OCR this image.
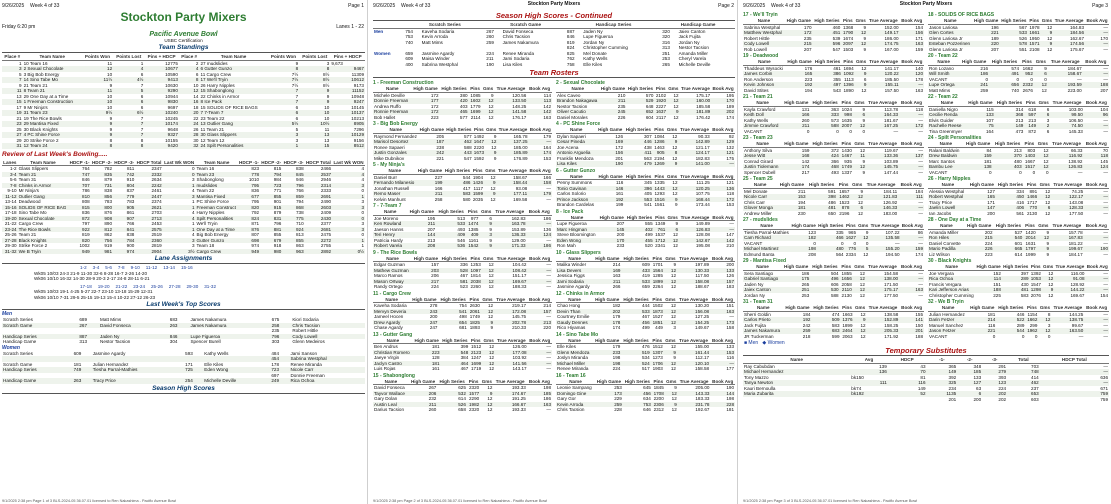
9/26/2025 Week 4 of 33	Page 1
Stockton Party Mixers
Friday 6:20 pm	Lanes 1 - 22
Pacific Avenue Bowl
USBC Certification
Team Standings
Place #	Team Name	Points Won	Points Lost	Pins + HDCP	Place #	Team Name	Points Won	Points Lost	Pins + HDCP
1	10 Team 16	11	1	12775	2	27 mudslides	9	3	9,673
3	2 Sexual Chocolate	12	4	10677	4	6 Gutter Gunzo	8	8	9467
5	3 Big Bob Energy	10	6	10590	6	11 Cargo Crew	7½	8½	11309
7	14 Sino Tabe Mo	11½	4½	9413	8	17 We'll Tryin	7½	8½	10612
9	21 Team 21	9	7	10630	10	26 Harry Nipples	7½	8½	9173
11	8 Team 21	11	5	9290	12	15 Shabonglong	7	9	11152
13	29 One Day at a Time	10	6	10944	14	22 Chinks in Armor	7	9	10948
15	1 Freeman Construction	10	6	9830	16	8 Ice Pack	7	9	9247
17	9 Mr Ninja's	10	6	9697	18	15 SOLIDS OF RICE BAGS	6	10	10145
19	31 Team 23	9½	6½	10240	20	7 7-Team 7	6	10	10137
21	19 The Rice Bowls	9	7	10245	22	23 Team 22	6	10	10213
23	29 Mantisa Fixed	9	7	10174	24	13 Outlier Gang	5½	10½	8905
25	30 Black Knights	9	7	9648	26	11 Team 21	5	11	7296
27	4 PC Shine Force	9	7	9327	28	30 Glass Slippers	3	13	10129
29	20 Strike Force 2	8	8	10155	30	12 Team 12	3	13	9156
31	12 Team 24	8	8	9420	32	24 Spilt Personalities	1	15	8512
Review of Last Week's Bowling.....
Lanes	Team Name	HDCP -1-	HDCP -2-	HDCP -3-	HDCP Total	Last Wk WON	Team Name	HDCP -1-	HDCP -2-	HDCP -3-	HDCP Total	Last Wk WON
1-2	Glass Slippers	764	782	811	2347	0	Team 16	823	815	838	2466	4
3-4	Team 21	747	835	742	2332	0	Team 23	778	794	845	2537	4
5-6	Team 31	846	879	910	2634	3	Shabonglong	1010	984	946	2946	4
7-8	Chinks in Armor	707	731	804	2242	1	mudslides	795	723	796	2314	3
9-10	Mr Ninja's	786	838	837	2461	4	Team 22	836	771	766	2333	0
11-12	Outlier Gang	810	856	779	2447	3	Mantisa Fixed	677	855	859	2691	1
13-14	Deadwood	808	783	783	2374	1	PC Shine Force	795	901	794	2490	3
15-16	SOLIDS OF RICE BAG	815	800	905	2621	1	Freeman Construct	820	915	868	2603	3
17-18	Sino Tabe Mo	836	876	861	2703	4	Harry Nipples	792	879	738	2409	0
19-20	Sexual Chocolate	872	908	907	2713	4	Spilt Personalities	824	831	775	2430	0
21-22	Cargo Crew	797	890	766	2453	1	We'll Tryin	871	796	710	2377	3
23-24	The Rice Bowls	922	812	841	2575	1	One Day at a Time	876	881	924	2681	3
25-26	Team 21	819	862	838	2519	4	Big Bob Energy	807	855	813	2475	0
27-28	Black Knights	820	756	784	2360	3	Gutter Gunzo	698	679	855	2272	1
29-30	Strike Force 2	1002	919	900	2819	3	Team 18	974	918	863	2755	1
31-32	We B Tryin	949	981	974	2904	3½	Cargo Crew	949	980	963	2892	0½
Lane Assignments
1-2 3-4 5-6 7-8 9-10 11-12 13-14 15-16
Wk05 10/03 24-3 21-9 11-30 32-6 8-28 16-7 2-26 14-20
Wk06 10/10 16-32 14-30 28-9 20-3 2-17 24-8 28-11 6-21
17-18 19-20 21-22 23-24 25-26 27-28 29-30 31-32
Wk05 10/03 19-1 4-25 5-27 22-7 23-10 13-18 15-29 12-31
Wk06 10/10 7-31 29-5 25-15 19-13 15-4 10-22 27-12 26-23
Last Week's Top Scores
Men
Scratch Series	689	Matt Mims	683	James Nakamura	675	Kiori Sodaria
Scratch Game	267	David Fonseca	263	James Nakamura	258	Chris Tacsion
					235	Robert Hittle
Handicap Series	887	Jaden Ny	846	Lupe Figueroa	796	Cody Lowell
Handicap Game	313	Nestor Tacsion	304	Spencer Burell	303	Glenn Medeiros
Women
Scratch Series	609	Jasmine Agardy	593	Kathy Wells	484	Jami Sanson
					454	Sabrina Westphal
Scratch Game	181	Julian Hernandez	171	Elle Kiles	178	Renee Miranda
Handicap Series	749	Tiesha Parral-Mathies	725	Eden Wong	723	Nicole Carr
					697	Donnie Freeman
Handicap Game	263	Tracy Price	254	Michelle Deville	249	Rica Ochoa
Season High Scores
9/1/2025 2:38 pm Page 1 of 3 BLS-2024-05 36.07.01 licensed to Ren Nakashima - Pacific Avenue Bowl
9/26/2025 Week 4 of 33	Stockton Party Mixers	Page 2
Season High Scores - Continued
	Scratch Series		Scratch Game		Handicap Series		Handicap Game	
Men	754	Kaveha Sodaria	267	David Fonseca	887	Jaden Ny	320	Jaiex Canton
	753	Kevin Arroda	260	Chris Tacsion	846	Lupe Figueroa	320	Jack Fujita
	740	Matt Mims	259	James Nakamura	819	Jordan Ny	316	Jordan Ny
					824	Christopher Cumming	313	Nestor Tacsion
Women	659	Jasmine Agardy	224	Renee Miranda	825	Mel Donate	251	Amanda Miller
	609	Maisa Winder	211	Jami Sodaria	762	Kathy Wells	253	Cheryl Varela
	400	Sabrina Westphal	190	Lisa Kiles	758	Elle Kiles	265	Michelle Deville
Team Rosters
1 - Freeman Construction
Name	High Game	High Series	Pins	Gms	True Average	Book Avg
Michele Deville	172	380	1085	9	120.56	114
Donnie Freeman	177	420	1602	12	133.50	113
Andrea Ruffo	172	403	1779	12	148.25	142
Ronnie Freeman	172	465	1699	12	141.58	142
Bob Hallet	223	577	2114	12	176.17	163
3 - Big Bob Energy
Name	High Game	High Series	Pins	Gms	True Average	Book Avg
Raymond Fernandez	205	577	1492	9	165.78	179
Marisol Desortez	187	462	1647	12	137.25	—
Ronee Sapaeri	238	588	2220	12	185.00	164
Justin Gonzales	242	443	1673	9	185.89	174
Mike Dubnikov	221	547	1592	9	176.89	153
5 - My Ninja's
Name	High Game	High Series	Pins	Gms	True Average	Book Avg
Daniel Burr	227	544	1904	12	158.67	166
Fernando Milanesio	199	486	1426	9	158.44	158
Jonathan Russell	166	417	1117	12	93.08	—
Remo Maser	211	583	1599	9	177.11	179
Kelvin Manhunt	258	580	2035	12	169.58	—
7 - 7-Team 7
Name	High Game	High Series	Pins	Gms	True Average	Book Avg
Joe Moreno	195	513	977	6	162.83	186
Ken Rowland	211	533	1474	9	163.78	—
Jaeson Hanns	207	493	1385	9	153.89	136
Teri Henry	144	409	409	3	136.33	124
Patricia Hardy	213	546	1161	9	129.00	—
Robert Varela	208	536	1542	9	171.33	186
9 - The Rice Bowls
Name	High Game	High Series	Pins	Gms	True Average	Book Avg
Edgar Guzman	157	336	1253	12	104.42	—
Mathew Guzman	203	528	1097	12	108.42	—
Marco Ramos	206	467	1814	12	151.17	—
Mason Ortway	217	581	2038	12	169.67	—
Randy Ortego	224	523	2260	12	188.33	—
11 - Cargo Crew
Name	High Game	High Series	Pins	Gms	True Average	Book Avg
Kaveha Sodaria	278	754	2630	12	219.17	214
Mervyn Deveria	243	541	2061	12	172.08	157
Jameel Hocen	200	498	1749	12	145.75	—
Drew Agardy	247	654	1825	9	202.78	213
Chase Agardy	247	681	1893	9	210.33	220
13 - Gutter Gang
Name	High Game	High Series	Pins	Gms	True Average	Book Avg
Ben Andrus	181	399	1512	12	126.00	—
Christian Romero	223	548	2123	12	177.08	—
Jaeye Virgin	128	384	1247	12	103.92	—
Jaclyn Castro	181	464	1699	12	141.56	—
Luis Rojas	161	467	1719	12	143.17	—
15 - Shabonglong
Name	High Game	High Series	Pins	Gms	True Average	Book Avg
David Fonseca	267	625	2320	12	193.33	198
Tayvor Wallace	206	532	1577	9	174.67	185
Gary Dolan	232	614	2290	12	191.25	186
Austin Leal	211	526	1982	12	166.67	163
Darius Tacsion	260	658	2320	12	193.33	—
2 - Sexual Chocolate
Name	High Game	High Series	Pins	Gms	True Average	Book Avg
Alex Caveo	210	570	2102	12	175.17	195
Brandon Nakagawa	211	529	1920	12	160.00	170
Nestor Tacsion	235	648	2227	12	185.58	189
Oliver Cacutio	245	652	1637	9	181.89	202
Daniel Morales	226	604	2117	12	176.42	174
4 - PC Shine Force
Name	High Game	High Series	Pins	Gms	True Average	Book Avg
Dylan Sapaeri	126	307	1084	12	90.33	92
Cesar Pineda	169	446	1286	9	142.89	129
Joe Acena	172	438	1463	12	121.17	132
Antonio Arguelia	156	411	905	8	124.17	121
Franklin Mendoza	201	563	2194	12	182.83	175
Lisa Kiles	190	479	1269	9	141.00	—
6 - Gutter Gunzo
Name	High Game	High Series	Pins	Gms	True Average	Book Avg
Penny Summons	116	345	1335	12	111.25	121
Tonio Gavinan	146	396	1443	12	120.25	136
Carlos Solorio	161	405	1293	12	107.75	118
Prince Jackson	192	553	1516	9	168.44	172
Brandon Cardelas	199	541	1561	9	173.44	153
8 - Ice Pack
Name	High Game	High Series	Pins	Gms	True Average	Book Avg
Lupe Figueroa	207	555	1349	9	149.89	—
Marc Hingman	145	402	761	6	126.83	—
Steve Bloomington	200	499	1537	12	128.08	147
Eden Wong	170	455	1712	12	142.67	142
Ron Mah	233	520	2341	12	195.08	210
10 - Glass Slippers
Name	High Game	High Series	Pins	Gms	True Average	Book Avg
Malika Winder	214	609	1701	9	197.89	200
Lisa Devers	169	433	1564	12	130.33	133
Jessica Figgs	163	419	1285	12	117.50	126
Jami Sodaria	211	533	1899	12	158.08	157
Jasmine Agardy	266	659	2264	12	188.67	183
12 - Chinks in Armor
Name	High Game	High Series	Pins	Gms	True Average	Book Avg
Chao Hong	182	444	1502	12	130.20	151
Devin Than	202	533	1873	12	156.08	163
Courtney Emilie	179	467	1527	12	127.25	—
Gaudy Dennes	178	456	1851	12	154.25	173
Rico Hiyamas	174	499	449	3	149.67	158
14 - Sino Tabe Mo
Name	High Game	High Series	Pins	Gms	True Average	Book Avg
Elle Kiles	179	476	1512	12	155.00	133
Glenn Mendoza	233	519	1307	9	161.44	153
Joslyn Miranda	198	534	1273	9	112.17	116
Michael Miller	198	524	1706	12	120.10	—
Renee Miranda	224	517	1903	12	158.58	177
16 - Team 16
Name	High Game	High Series	Pins	Gms	True Average	Book Avg
Leonie Sampang	253	645	1845	9	205.00	190
Domingo Gine	173	456	1708	12	143.33	144
Gary Gor	229	634	2200	12	183.33	198
Kevin Arroda	259	753	2306	9	231.78	228
Chris Tacsion	228	646	2312	12	192.67	181
9/1/2025 2:38 pm Page 2 of 3 BLS-2024-05 36.07.01 licensed to Ren Nakashima - Pacific Avenue Bowl
9/26/2025 Week 4 of 33	Stockton Party Mixers	Page 3
17 - We'll Tryin
Name	High Game	High Series	Pins	Gms	True Average	Book Avg
Sabrina Westphal	170	460	1368	9	152.00	154
Matthew Westphal	172	451	1790	12	149.17	156
Robert Hittle	235	539	1674	9	186.00	171
Cody Lowell	215	596	2097	12	174.75	163
Rob Lowell	207	547	1503	9	167.00	159
19 - Deadwood
Name	High Game	High Series	Pins	Gms	True Average	Book Avg
Thaddeus Wysocki	176	461	1694	12	141.17	140
James Corbin	165	386	1092	9	120.22	120
Ron Anderson	223	355	1113	6	185.50	178
Kevin Johnson	192	497	1396	9	155.11	—
David Stites	194	543	1890	12	157.50	163
21 - Team 21
Name	High Game	High Series	Pins	Gms	True Average	Book Avg
Kayla Crawford	131	363	1024	9	113.78	118
Keith Doll	166	333	998	6	164.33	—
Kathy Wells	260	573	1635	9	181.67	—
Jimmie Crawford	211	588	2007	12	167.25	172
VACANT	0	0	0	0	—	—
23 - Team 23
Name	High Game	High Series	Pins	Gms	True Average	Book Avg
Anthony Silva	159	372	1430	12	119.67	—
Jesse Witt	168	424	1467	11	133.36	137
Conrad Girard	142	366	935	9	103.89	—
Justin Tiolemann	174	468	1749	12	145.75	—
Spencer Dubell	217	493	1337	9	147.44	—
25 - Team 25
Name	High Game	High Series	Pins	Gms	True Average	Book Avg
Mel Donate	211	591	1657	9	184.11	184
Nicole Carr	153	398	1462	12	121.83	111
Chris Carr	194	486	1523	12	126.92	—
Glover Monga	181	481	878	6	146.33	—
Andrew Miller	230	650	2196	12	183.00	—
27 - mudslides
Name	High Game	High Series	Pins	Gms	True Average	Book Avg
Tiesha Parral-Mathies	123	335	965	9	107.22	86
Cam Richard	182	466	1627	12	135.58	—
VACANT	0	0	0	0	—	—
Michael Martinez	198	480	776	5	155.20	159
Edmund Banta	208	564	2334	12	194.50	174
29 - Mantisa Fixed
Name	High Game	High Series	Pins	Gms	True Average	Book Avg
Sera Santiago	186	504	1855	12	154.58	—
Gabriel Santiago	175	496	1656	12	138.00	—
Jaden Ny	265	606	2058	12	171.50	—
Jaiex Canton	251	530	2110	12	175.17	163
Jordan Ny	253	588	2130	12	177.50	—
31 - Team 31
Name	High Game	High Series	Pins	Gms	True Average	Book Avg
Sherri Goldin	184	474	1663	12	138.58	155
Carlos Prieto	192	509	1376	9	152.89	141
Jack Fujita	242	583	1899	12	158.25	150
James Nakamura	259	683	2464	12	205.33	201
JR Tuckerman	218	599	2063	12	171.92	188
18 - SOLIDS OF RICE BAGS
Name	High Game	High Series	Pins	Gms	True Average	Book Avg
Jason Lariosa	196	567	1978	12	164.83	—
Glen Cortes	221	533	1661	9	184.56	—
Glenn Lariosa Jr	189	526	1950	12	162.67	170
Esteban Pozzerinen	220	578	1571	9	174.56	—
Glenn Lariosa Jr	207	551	2108	12	175.67	—
20 - Team 22
Name	High Game	High Series	Pins	Gms	True Average	Book Avg
Ron Lozano	216	574	1662	9	184.67	—
Will Smith	186	491	952	6	158.67	—
VACANT	0	0	0	0	—	—
Lupe Ortega	241	656	2332	12	193.59	188
Matt Mims	259	740	2676	12	223.00	207
22 - Team 22
Name	High Game	High Series	Pins	Gms	True Average	Book Avg
Daniella Nigro	115	314	618	6	103.00	104
Cecilie Renda	133	368	597	6	99.50	96
Elvis Guider	107	213	213	3	106.50	—
Rachelle Reese	75	149	149	2	74.50	—
Tina Greenmyer	164	473	872	6	145.33	—
24 - Spilt Personalities
Name	High Game	High Series	Pins	Gms	True Average	Book Avg
Ralani Baldwin	84	213	803	12	66.33	70
Drew Baldwin	159	370	1403	12	116.92	118
Marc Santos	181	480	1667	12	138.92	145
Bambu Lee	138	403	1517	12	126.83	124
VACANT	0	0	0	0	—	—
26 - Harry Nipples
Name	High Game	High Series	Pins	Gms	True Average	Book Avg
Alessia Westphal	127	334	891	12	74.25	—
Robert Westphal	165	450	1466	12	122.17	—
Tracy Price	171	416	1717	12	143.08	—
Jaelin Lowell	147	406	770	6	128.33	—
Ian Jacobs	200	561	2130	12	177.50	—
28 - One Day at a Time
Name	High Game	High Series	Pins	Gms	True Average	Book Avg
Amanda Miller	202	527	1420	9	157.78	—
Ron Hiles	215	540	2014	12	167.83	—
Daniel Corvette	224	601	1631	9	181.22	—
Mario Padilla	226	665	1797	9	199.67	190
Liz Wilson	223	614	1999	9	184.17	—
30 - Black Knights
Name	High Game	High Series	Pins	Gms	True Average	Book Avg
Joe Vergara	152	397	1392	12	116.00	—
Rica Ochoa	114	289	1053	12	91.08	—
Francis Vergara	151	430	1547	12	128.92	—
Kari Jefferson Arias	188	481	1298	9	144.22	—
Christopher Cumming	225	583	2076	12	169.67	154
32 - We B Tryin
Name	High Game	High Series	Pins	Gms	True Average	Book Avg
Julian Hernandez	181	446	1154	8	144.25	—
Darin Fetzer	214	522	1662	12	138.75	—
Manuel Sanchez	116	289	299	3	99.67	—
Jason Fetzer	221	544	1962	12	163.50	—
VACANT	0	0	0	0	—	—
■ Men ◆ Women
Temporary Substitutes
Name	Avg	HDCP	-1-	-2-	-3-	Total	HDCP Total
Ray Cabubdan	139	43	365	348	291	703	—
Michael Hernandez	136	70	149	185	279	748	—
Tony Mazzo	bk150	81	392	133	393	414	636
Tanya Newton	111	116	325	127	123	462	—
Kauri Bernoulla	bk74	149	234	63	224	237	671
Maria Zubarita	bk192	52	1135	6	202	653	759
			201	200	202	603	759
9/1/2025 2:38 pm Page 3 of 3 BLS-2024-05 36.07.01 licensed to Ren Nakashima - Pacific Avenue Bowl
